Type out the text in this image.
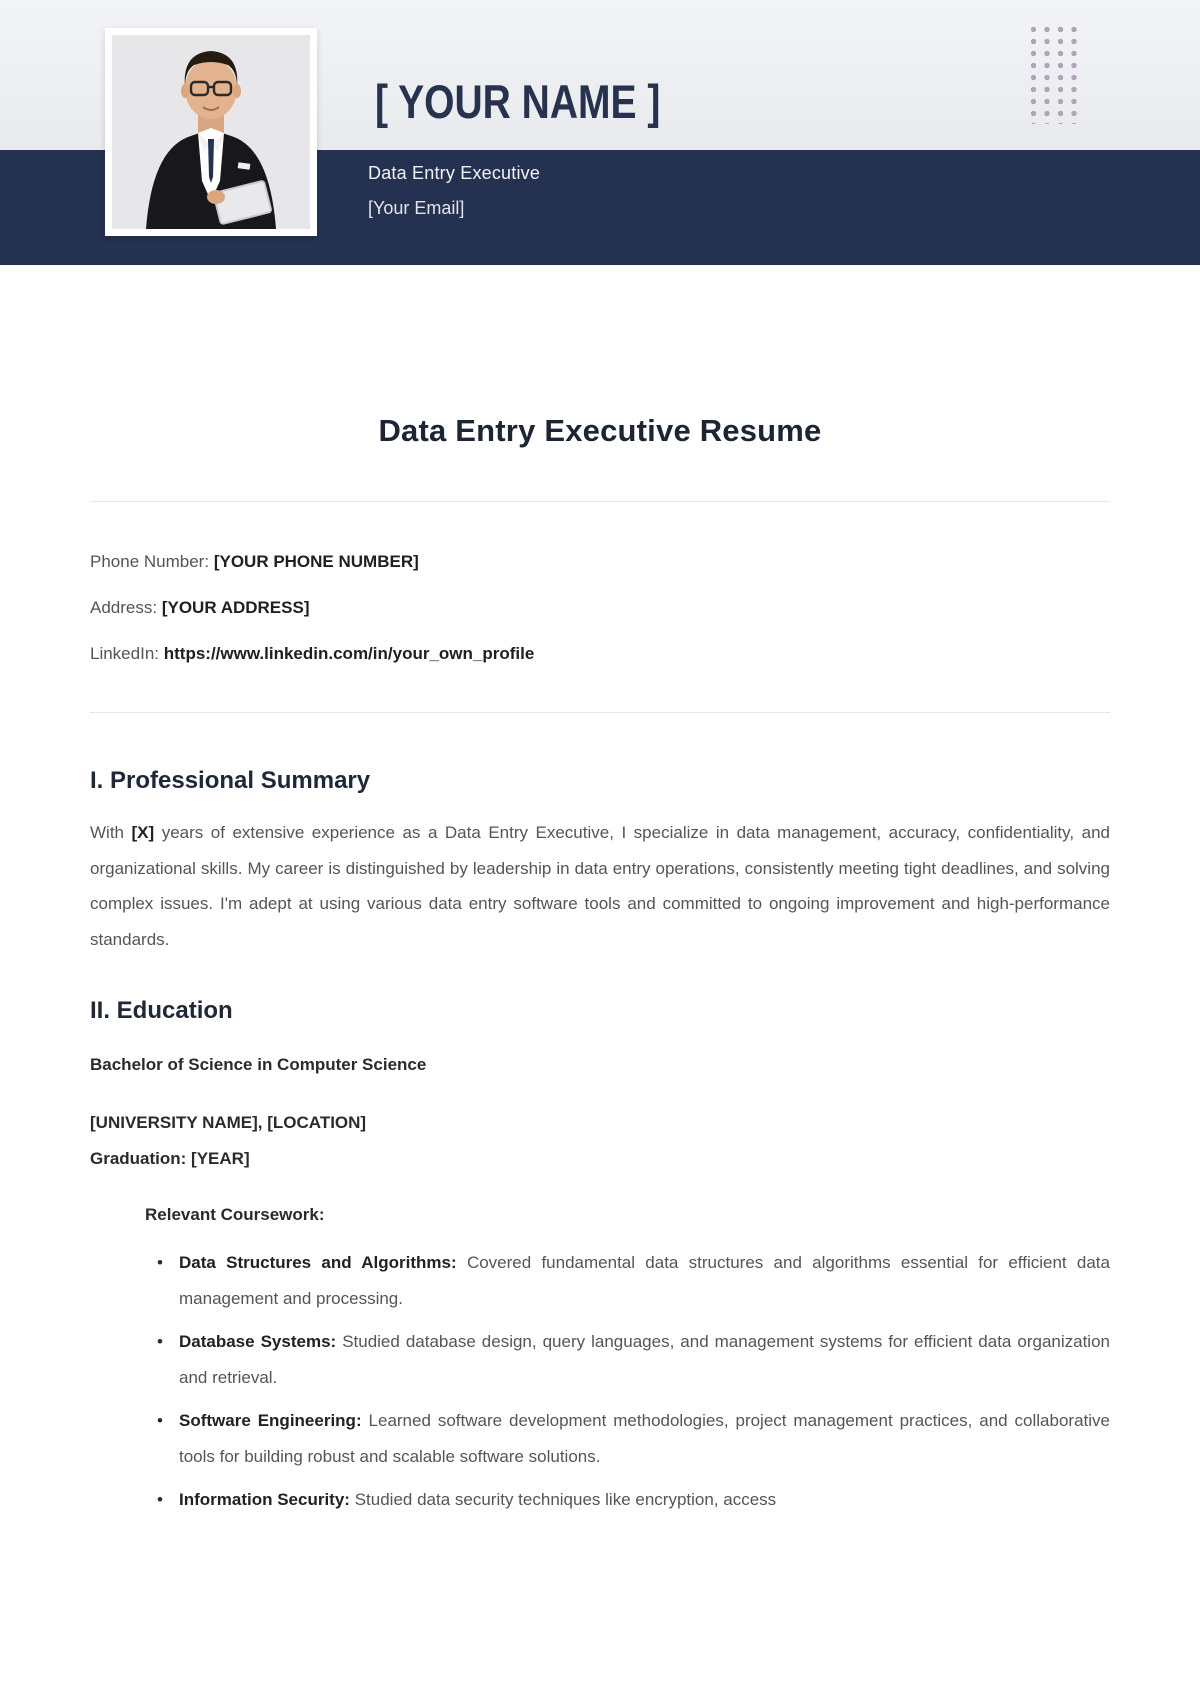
[ YOUR NAME ]
Data Entry Executive
[Your Email]
Data Entry Executive Resume

Phone Number: [YOUR PHONE NUMBER]

Address: [YOUR ADDRESS]

LinkedIn: https://www.linkedin.com/in/your_own_profile

I. Professional Summary

With [X] years of extensive experience as a Data Entry Executive, I specialize in data management, accuracy, confidentiality, and organizational skills. My career is distinguished by leadership in data entry operations, consistently meeting tight deadlines, and solving complex issues. I'm adept at using various data entry software tools and committed to ongoing improvement and high-performance standards.

II. Education

Bachelor of Science in Computer Science

[UNIVERSITY NAME], [LOCATION]
Graduation: [YEAR]

Relevant Coursework:

• Data Structures and Algorithms: Covered fundamental data structures and algorithms essential for efficient data management and processing.
• Database Systems: Studied database design, query languages, and management systems for efficient data organization and retrieval.
• Software Engineering: Learned software development methodologies, project management practices, and collaborative tools for building robust and scalable software solutions.
• Information Security: Studied data security techniques like encryption, access
